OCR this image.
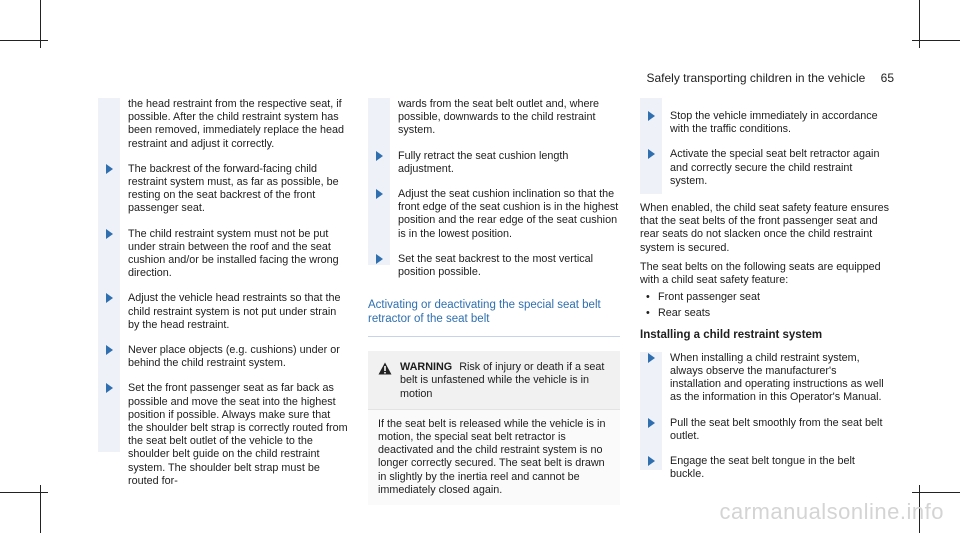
Safely transporting children in the vehicle 65

the head restraint from the respective seat, if possible. After the child restraint system has been removed, immediately replace the head restraint and adjust it correctly.

The backrest of the forward-facing child restraint system must, as far as possible, be resting on the seat backrest of the front passenger seat.
The child restraint system must not be put under strain between the roof and the seat cushion and/or be installed facing the wrong direction.
Adjust the vehicle head restraints so that the child restraint system is not put under strain by the head restraint.
Never place objects (e.g. cushions) under or behind the child restraint system.
Set the front passenger seat as far back as possible and move the seat into the highest position if possible. Always make sure that the shoulder belt strap is correctly routed from the seat belt outlet of the vehicle to the shoulder belt guide on the child restraint system. The shoulder belt strap must be routed for-

wards from the seat belt outlet and, where possible, downwards to the child restraint system.

Fully retract the seat cushion length adjustment.
Adjust the seat cushion inclination so that the front edge of the seat cushion is in the highest position and the rear edge of the seat cushion is in the lowest position.
Set the seat backrest to the most vertical position possible.
Activating or deactivating the special seat belt retractor of the seat belt
WARNING Risk of injury or death if a seat belt is unfastened while the vehicle is in motion
If the seat belt is released while the vehicle is in motion, the special seat belt retractor is deactivated and the child restraint system is no longer correctly secured. The seat belt is drawn in slightly by the inertia reel and cannot be immediately closed again.
Stop the vehicle immediately in accordance with the traffic conditions.
Activate the special seat belt retractor again and correctly secure the child restraint system.

When enabled, the child seat safety feature ensures that the seat belts of the front passenger seat and rear seats do not slacken once the child restraint system is secured.

The seat belts on the following seats are equipped with a child seat safety feature:

• Front passenger seat
• Rear seats
Installing a child restraint system
When installing a child restraint system, always observe the manufacturer's installation and operating instructions as well as the information in this Operator's Manual.
Pull the seat belt smoothly from the seat belt outlet.
Engage the seat belt tongue in the belt buckle.
carmanualsonline.info
